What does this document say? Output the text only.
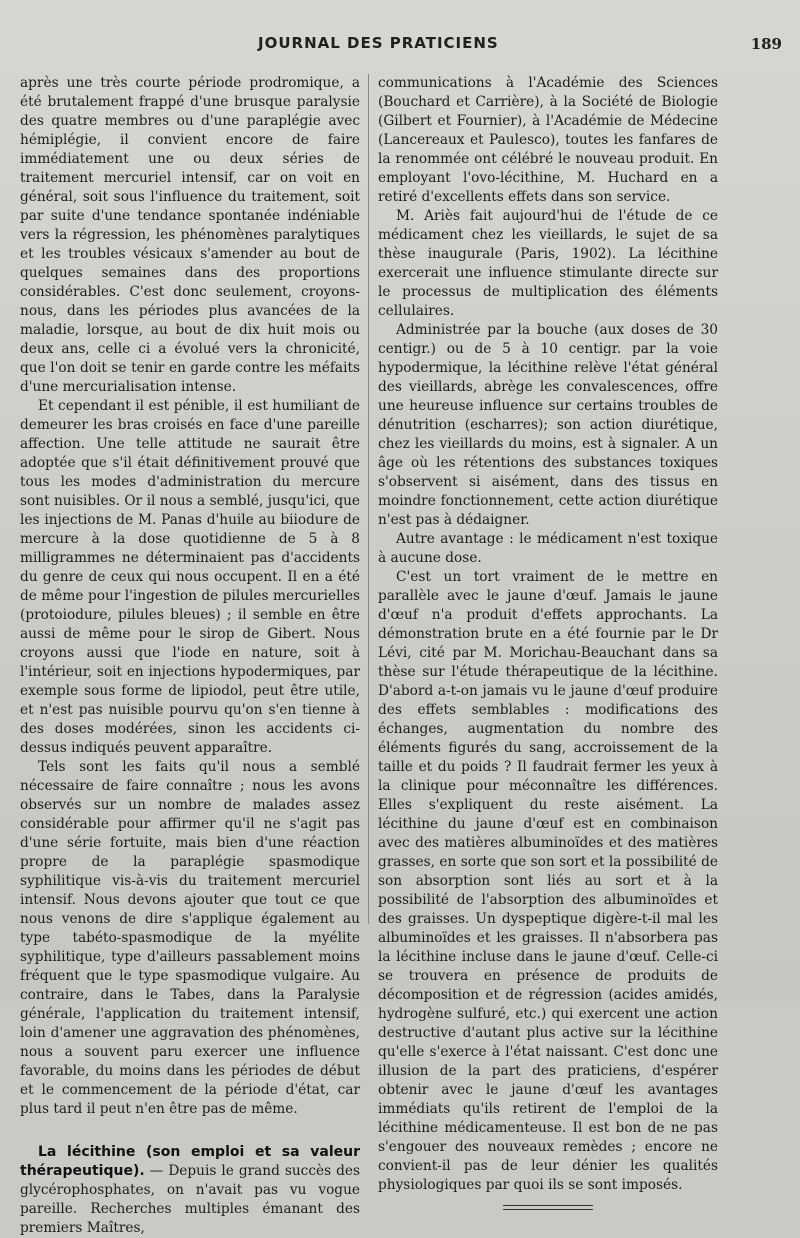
JOURNAL DES PRATICIENS	189

après une très courte période prodromique, a été brutalement frappé d'une brusque paralysie des quatre membres ou d'une paraplégie avec hémiplégie, il convient encore de faire immédiatement une ou deux séries de traitement mercuriel intensif, car on voit en général, soit sous l'influence du traitement, soit par suite d'une tendance spontanée indéniable vers la régression, les phénomènes paralytiques et les troubles vésicaux s'amender au bout de quelques semaines dans des proportions considérables. C'est donc seulement, croyons-nous, dans les périodes plus avancées de la maladie, lorsque, au bout de dix huit mois ou deux ans, celle ci a évolué vers la chronicité, que l'on doit se tenir en garde contre les méfaits d'une mercurialisation intense.

Et cependant il est pénible, il est humiliant de demeurer les bras croisés en face d'une pareille affection. Une telle attitude ne saurait être adoptée que s'il était définitivement prouvé que tous les modes d'administration du mercure sont nuisibles. Or il nous a semblé, jusqu'ici, que les injections de M. Panas d'huile au biiodure de mercure à la dose quotidienne de 5 à 8 milligrammes ne déterminaient pas d'accidents du genre de ceux qui nous occupent. Il en a été de même pour l'ingestion de pilules mercurielles (protoiodure, pilules bleues) ; il semble en être aussi de même pour le sirop de Gibert. Nous croyons aussi que l'iode en nature, soit à l'intérieur, soit en injections hypodermiques, par exemple sous forme de lipiodol, peut être utile, et n'est pas nuisible pourvu qu'on s'en tienne à des doses modérées, sinon les accidents ci-dessus indiqués peuvent apparaître.

Tels sont les faits qu'il nous a semblé nécessaire de faire connaître ; nous les avons observés sur un nombre de malades assez considérable pour affirmer qu'il ne s'agit pas d'une série fortuite, mais bien d'une réaction propre de la paraplégie spasmodique syphilitique vis-à-vis du traitement mercuriel intensif. Nous devons ajouter que tout ce que nous venons de dire s'applique également au type tabéto-spasmodique de la myélite syphilitique, type d'ailleurs passablement moins fréquent que le type spasmodique vulgaire. Au contraire, dans le Tabes, dans la Paralysie générale, l'application du traitement intensif, loin d'amener une aggravation des phénomènes, nous a souvent paru exercer une influence favorable, du moins dans les périodes de début et le commencement de la période d'état, car plus tard il peut n'en être pas de même.

La lécithine (son emploi et sa valeur thérapeutique). — Depuis le grand succès des glycérophosphates, on n'avait pas vu vogue pareille. Recherches multiples émanant des premiers Maîtres,

communications à l'Académie des Sciences (Bouchard et Carrière), à la Société de Biologie (Gilbert et Fournier), à l'Académie de Médecine (Lancereaux et Paulesco), toutes les fanfares de la renommée ont célébré le nouveau produit. En employant l'ovo-lécithine, M. Huchard en a retiré d'excellents effets dans son service.

M. Ariès fait aujourd'hui de l'étude de ce médicament chez les vieillards, le sujet de sa thèse inaugurale (Paris, 1902). La lécithine exercerait une influence stimulante directe sur le processus de multiplication des éléments cellulaires.

Administrée par la bouche (aux doses de 30 centigr.) ou de 5 à 10 centigr. par la voie hypodermique, la lécithine relève l'état général des vieillards, abrège les convalescences, offre une heureuse influence sur certains troubles de dénutrition (escharres); son action diurétique, chez les vieillards du moins, est à signaler. A un âge où les rétentions des substances toxiques s'observent si aisément, dans des tissus en moindre fonctionnement, cette action diurétique n'est pas à dédaigner.

Autre avantage : le médicament n'est toxique à aucune dose.

C'est un tort vraiment de le mettre en parallèle avec le jaune d'œuf. Jamais le jaune d'œuf n'a produit d'effets approchants. La démonstration brute en a été fournie par le Dr Lévi, cité par M. Morichau-Beauchant dans sa thèse sur l'étude thérapeutique de la lécithine. D'abord a-t-on jamais vu le jaune d'œuf produire des effets semblables : modifications des échanges, augmentation du nombre des éléments figurés du sang, accroissement de la taille et du poids ? Il faudrait fermer les yeux à la clinique pour méconnaître les différences. Elles s'expliquent du reste aisément. La lécithine du jaune d'œuf est en combinaison avec des matières albuminoïdes et des matières grasses, en sorte que son sort et la possibilité de son absorption sont liés au sort et à la possibilité de l'absorption des albuminoïdes et des graisses. Un dyspeptique digère-t-il mal les albuminoïdes et les graisses. Il n'absorbera pas la lécithine incluse dans le jaune d'œuf. Celle-ci se trouvera en présence de produits de décomposition et de régression (acides amidés, hydrogène sulfuré, etc.) qui exercent une action destructive d'autant plus active sur la lécithine qu'elle s'exerce à l'état naissant. C'est donc une illusion de la part des praticiens, d'espérer obtenir avec le jaune d'œuf les avantages immédiats qu'ils retirent de l'emploi de la lécithine médicamenteuse. Il est bon de ne pas s'engouer des nouveaux remèdes ; encore ne convient-il pas de leur dénier les qualités physiologiques par quoi ils se sont imposés.
